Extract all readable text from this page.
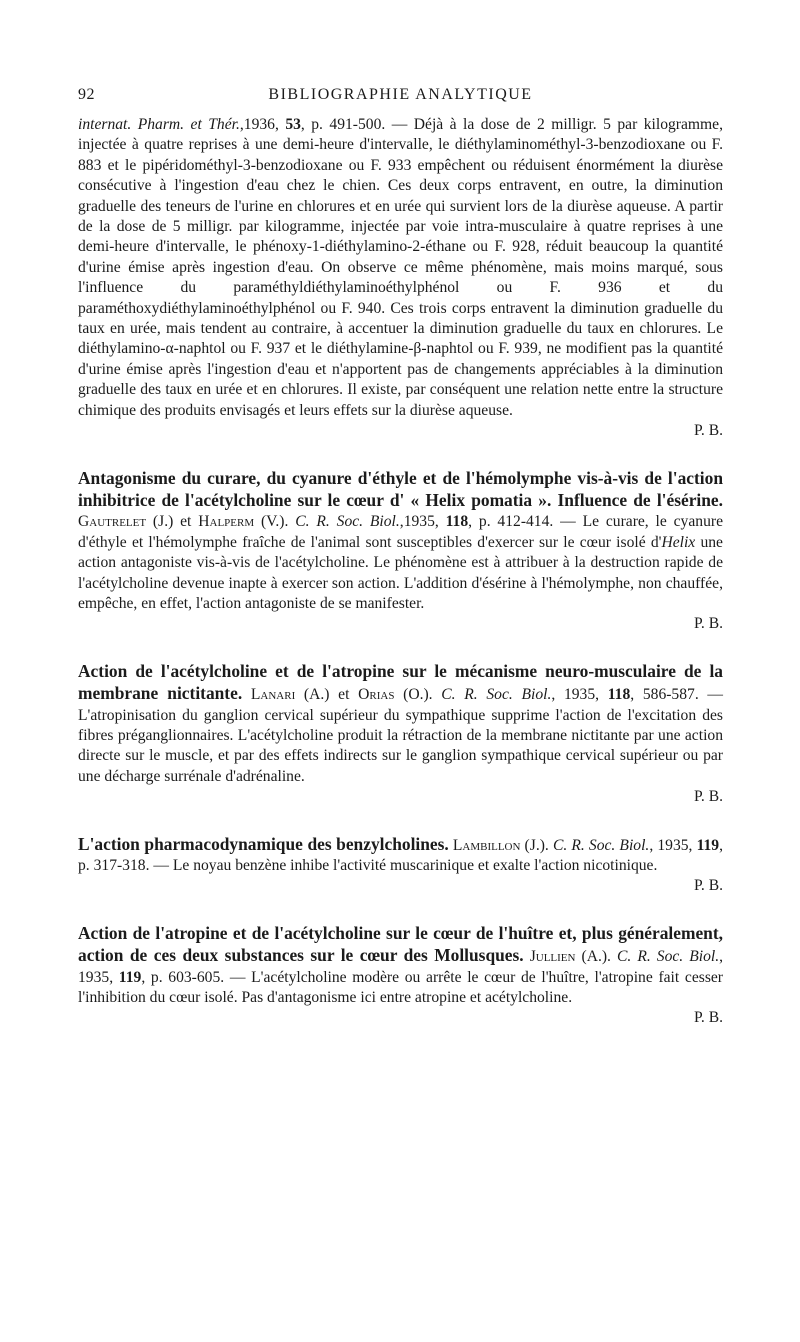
92	BIBLIOGRAPHIE ANALYTIQUE

internat. Pharm. et Thér.,1936, 53, p. 491-500. — Déjà à la dose de 2 milligr. 5 par kilogramme, injectée à quatre reprises à une demi-heure d'intervalle, le diéthylaminométhyl-3-benzodioxane ou F. 883 et le pipéridométhyl-3-benzodioxane ou F. 933 empêchent ou réduisent énormément la diurèse consécutive à l'ingestion d'eau chez le chien. Ces deux corps entravent, en outre, la diminution graduelle des teneurs de l'urine en chlorures et en urée qui survient lors de la diurèse aqueuse. A partir de la dose de 5 milligr. par kilogramme, injectée par voie intra-musculaire à quatre reprises à une demi-heure d'intervalle, le phénoxy-1-diéthylamino-2-éthane ou F. 928, réduit beaucoup la quantité d'urine émise après ingestion d'eau. On observe ce même phénomène, mais moins marqué, sous l'influence du paraméthyldiéthylaminoéthylphénol ou F. 936 et du paraméthoxydiéthylaminoéthylphénol ou F. 940. Ces trois corps entravent la diminution graduelle du taux en urée, mais tendent au contraire, à accentuer la diminution graduelle du taux en chlorures. Le diéthylamino-α-naphtol ou F. 937 et le diéthylamine-β-naphtol ou F. 939, ne modifient pas la quantité d'urine émise après l'ingestion d'eau et n'apportent pas de changements appréciables à la diminution graduelle des taux en urée et en chlorures. Il existe, par conséquent une relation nette entre la structure chimique des produits envisagés et leurs effets sur la diurèse aqueuse.

P. B.

Antagonisme du curare, du cyanure d'éthyle et de l'hémolymphe vis-à-vis de l'action inhibitrice de l'acétylcholine sur le cœur d' « Helix pomatia ». Influence de l'ésérine. Gautrelet (J.) et Halperm (V.). C. R. Soc. Biol.,1935, 118, p. 412-414. — Le curare, le cyanure d'éthyle et l'hémolymphe fraîche de l'animal sont susceptibles d'exercer sur le cœur isolé d'Helix une action antagoniste vis-à-vis de l'acétylcholine. Le phénomène est à attribuer à la destruction rapide de l'acétylcholine devenue inapte à exercer son action. L'addition d'ésérine à l'hémolymphe, non chauffée, empêche, en effet, l'action antagoniste de se manifester.

P. B.

Action de l'acétylcholine et de l'atropine sur le mécanisme neuro-musculaire de la membrane nictitante. Lanari (A.) et Orias (O.). C. R. Soc. Biol., 1935, 118, 586-587. — L'atropinisation du ganglion cervical supérieur du sympathique supprime l'action de l'excitation des fibres préganglionnaires. L'acétylcholine produit la rétraction de la membrane nictitante par une action directe sur le muscle, et par des effets indirects sur le ganglion sympathique cervical supérieur ou par une décharge surrénale d'adrénaline.

P. B.

L'action pharmacodynamique des benzylcholines. Lambillon (J.). C. R. Soc. Biol., 1935, 119, p. 317-318. — Le noyau benzène inhibe l'activité muscarinique et exalte l'action nicotinique.

P. B.

Action de l'atropine et de l'acétylcholine sur le cœur de l'huître et, plus généralement, action de ces deux substances sur le cœur des Mollusques. Jullien (A.). C. R. Soc. Biol., 1935, 119, p. 603-605. — L'acétylcholine modère ou arrête le cœur de l'huître, l'atropine fait cesser l'inhibition du cœur isolé. Pas d'antagonisme ici entre atropine et acétylcholine.

P. B.
